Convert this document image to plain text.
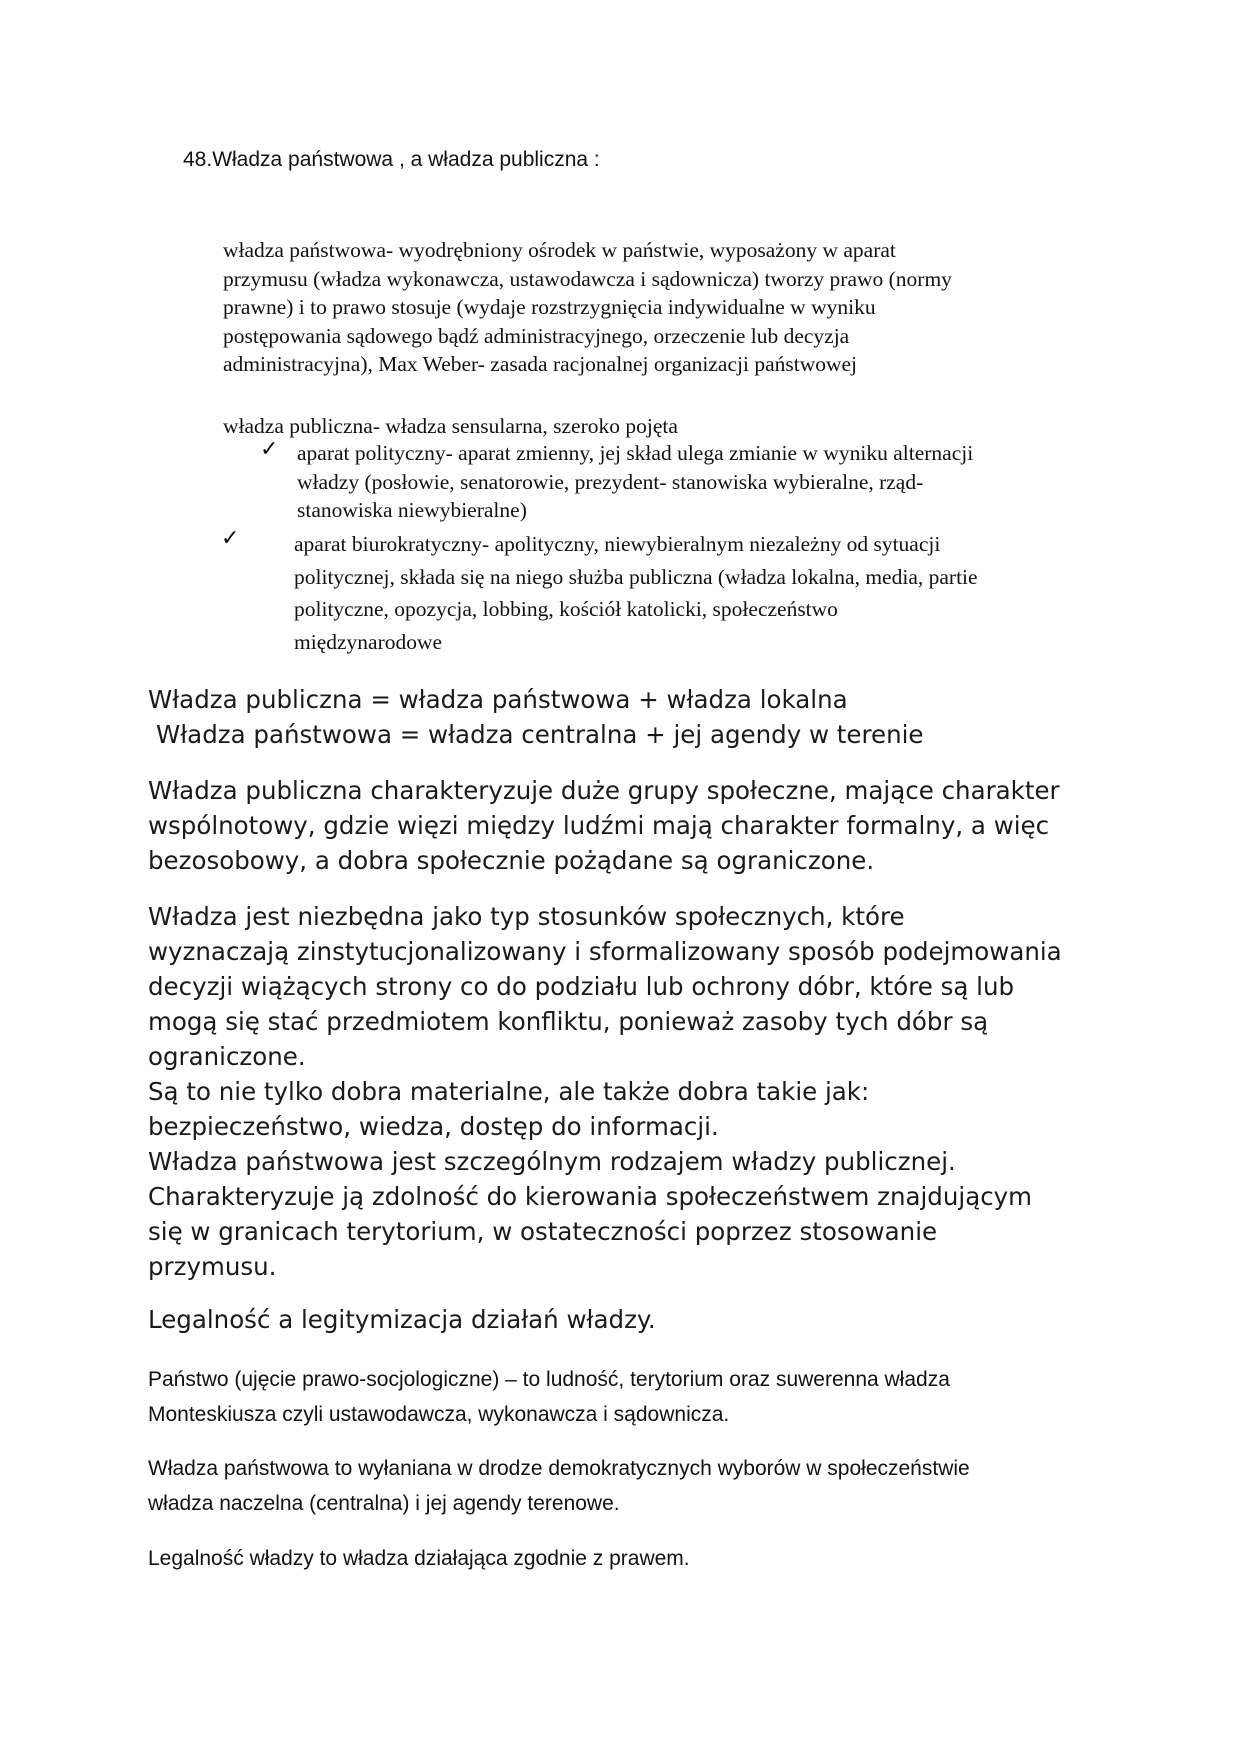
48.Władza państwowa , a władza publiczna :

władza państwowa- wyodrębniony ośrodek w państwie, wyposażony w aparat

przymusu (władza wykonawcza, ustawodawcza i sądownicza) tworzy prawo (normy

prawne) i to prawo stosuje (wydaje rozstrzygnięcia indywidualne w wyniku

postępowania sądowego bądź administracyjnego, orzeczenie lub decyzja

administracyjna), Max Weber- zasada racjonalnej organizacji państwowej

władza publiczna- władza sensularna, szeroko pojęta

✓ aparat polityczny- aparat zmienny, jej skład ulega zmianie w wyniku alternacji
władzy (posłowie, senatorowie, prezydent- stanowiska wybieralne, rząd-
stanowiska niewybieralne)
✓	aparat biurokratyczny- apolityczny, niewybieralnym niezależny od sytuacji
politycznej, składa się na niego służba publiczna (władza lokalna, media, partie
polityczne, opozycja, lobbing, kościół katolicki, społeczeństwo
międzynarodowe
Władza publiczna = władza państwowa + władza lokalna
Władza państwowa = władza centralna + jej agendy w terenie
Władza publiczna charakteryzuje duże grupy społeczne, mające charakter
wspólnotowy, gdzie więzi między ludźmi mają charakter formalny, a więc
bezosobowy, a dobra społecznie pożądane są ograniczone.
Władza jest niezbędna jako typ stosunków społecznych, które
wyznaczają zinstytucjonalizowany i sformalizowany sposób podejmowania
decyzji wiążących strony co do podziału lub ochrony dóbr, które są lub
mogą się stać przedmiotem konfliktu, ponieważ zasoby tych dóbr są
ograniczone.
Są to nie tylko dobra materialne, ale także dobra takie jak:
bezpieczeństwo, wiedza, dostęp do informacji.
Władza państwowa jest szczególnym rodzajem władzy publicznej.
Charakteryzuje ją zdolność do kierowania społeczeństwem znajdującym
się w granicach terytorium, w ostateczności poprzez stosowanie
przymusu.
Legalność a legitymizacja działań władzy.
Państwo (ujęcie prawo-socjologiczne) – to ludność, terytorium oraz suwerenna władza
Monteskiusza czyli ustawodawcza, wykonawcza i sądownicza.
Władza państwowa to wyłaniana w drodze demokratycznych wyborów w społeczeństwie
władza naczelna (centralna) i jej agendy terenowe.
Legalność władzy to władza działająca zgodnie z prawem.
